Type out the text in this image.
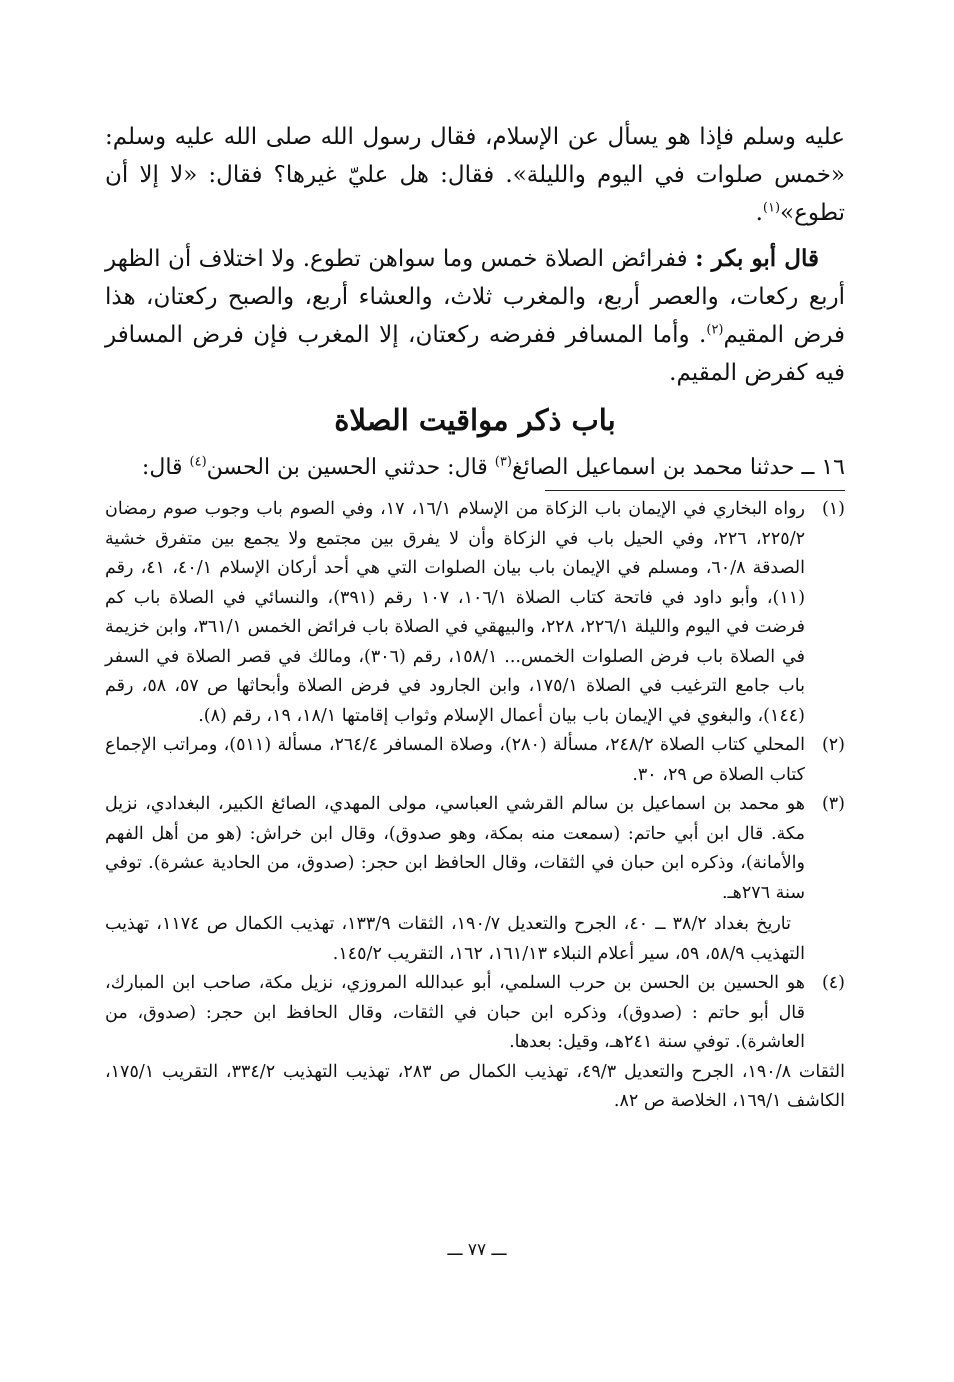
عليه وسلم فإذا هو يسأل عن الإسلام، فقال رسول الله صلى الله عليه وسلم: «خمس صلوات في اليوم والليلة». فقال: هل عليّ غيرها؟ فقال: «لا إلا أن تطوع»$^{(١)}$.

قال أبو بكر : ففرائض الصلاة خمس وما سواهن تطوع. ولا اختلاف أن الظهر أربع ركعات، والعصر أربع، والمغرب ثلاث، والعشاء أربع، والصبح ركعتان، هذا فرض المقيم$^{(٢)}$. وأما المسافر ففرضه ركعتان، إلا المغرب فإن فرض المسافر فيه كفرض المقيم.

باب ذكر مواقيت الصلاة

١٦ ــ حدثنا محمد بن اسماعيل الصائغ$^{(٣)}$ قال: حدثني الحسين بن الحسن$^{(٤)}$ قال:

(١)
رواه البخاري في الإيمان باب الزكاة من الإسلام ١٦/١، ١٧، وفي الصوم باب وجوب صوم رمضان ٢٢٥/٢، ٢٢٦، وفي الحيل باب في الزكاة وأن لا يفرق بين مجتمع ولا يجمع بين متفرق خشية الصدقة ٦٠/٨، ومسلم في الإيمان باب بيان الصلوات التي هي أحد أركان الإسلام ٤٠/١، ٤١، رقم (١١)، وأبو داود في فاتحة كتاب الصلاة ١٠٦/١، ١٠٧ رقم (٣٩١)، والنسائي في الصلاة باب كم فرضت في اليوم والليلة ٢٢٦/١، ٢٢٨، والبيهقي في الصلاة باب فرائض الخمس ٣٦١/١، وابن خزيمة في الصلاة باب فرض الصلوات الخمس... ١٥٨/١، رقم (٣٠٦)، ومالك في قصر الصلاة في السفر باب جامع الترغيب في الصلاة ١٧٥/١، وابن الجارود في فرض الصلاة وأبحاثها ص ٥٧، ٥٨، رقم (١٤٤)، والبغوي في الإيمان باب بيان أعمال الإسلام وثواب إقامتها ١٨/١، ١٩، رقم (٨).
(٢)
المحلي كتاب الصلاة ٢٤٨/٢، مسألة (٢٨٠)، وصلاة المسافر ٢٦٤/٤، مسألة (٥١١)، ومراتب الإجماع كتاب الصلاة ص ٢٩، ٣٠.
(٣)
هو محمد بن اسماعيل بن سالم القرشي العباسي، مولى المهدي، الصائغ الكبير، البغدادي، نزيل مكة. قال ابن أبي حاتم: (سمعت منه بمكة، وهو صدوق)، وقال ابن خراش: (هو من أهل الفهم والأمانة)، وذكره ابن حبان في الثقات، وقال الحافظ ابن حجر: (صدوق، من الحادية عشرة). توفي سنة ٢٧٦هـ.

تاريخ بغداد ٣٨/٢ ــ ٤٠، الجرح والتعديل ١٩٠/٧، الثقات ١٣٣/٩، تهذيب الكمال ص ١١٧٤، تهذيب التهذيب ٥٨/٩، ٥٩، سير أعلام النبلاء ١٦١/١٣، ١٦٢، التقريب ١٤٥/٢.

(٤)
هو الحسين بن الحسن بن حرب السلمي، أبو عبدالله المروزي، نزيل مكة، صاحب ابن المبارك، قال أبو حاتم : (صدوق)، وذكره ابن حبان في الثقات، وقال الحافظ ابن حجر: (صدوق، من العاشرة). توفي سنة ٢٤١هـ، وقيل: بعدها.

الثقات ١٩٠/٨، الجرح والتعديل ٤٩/٣، تهذيب الكمال ص ٢٨٣، تهذيب التهذيب ٣٣٤/٢، التقريب ١٧٥/١، الكاشف ١٦٩/١، الخلاصة ص ٨٢.

ـــ ٧٧ ـــ
